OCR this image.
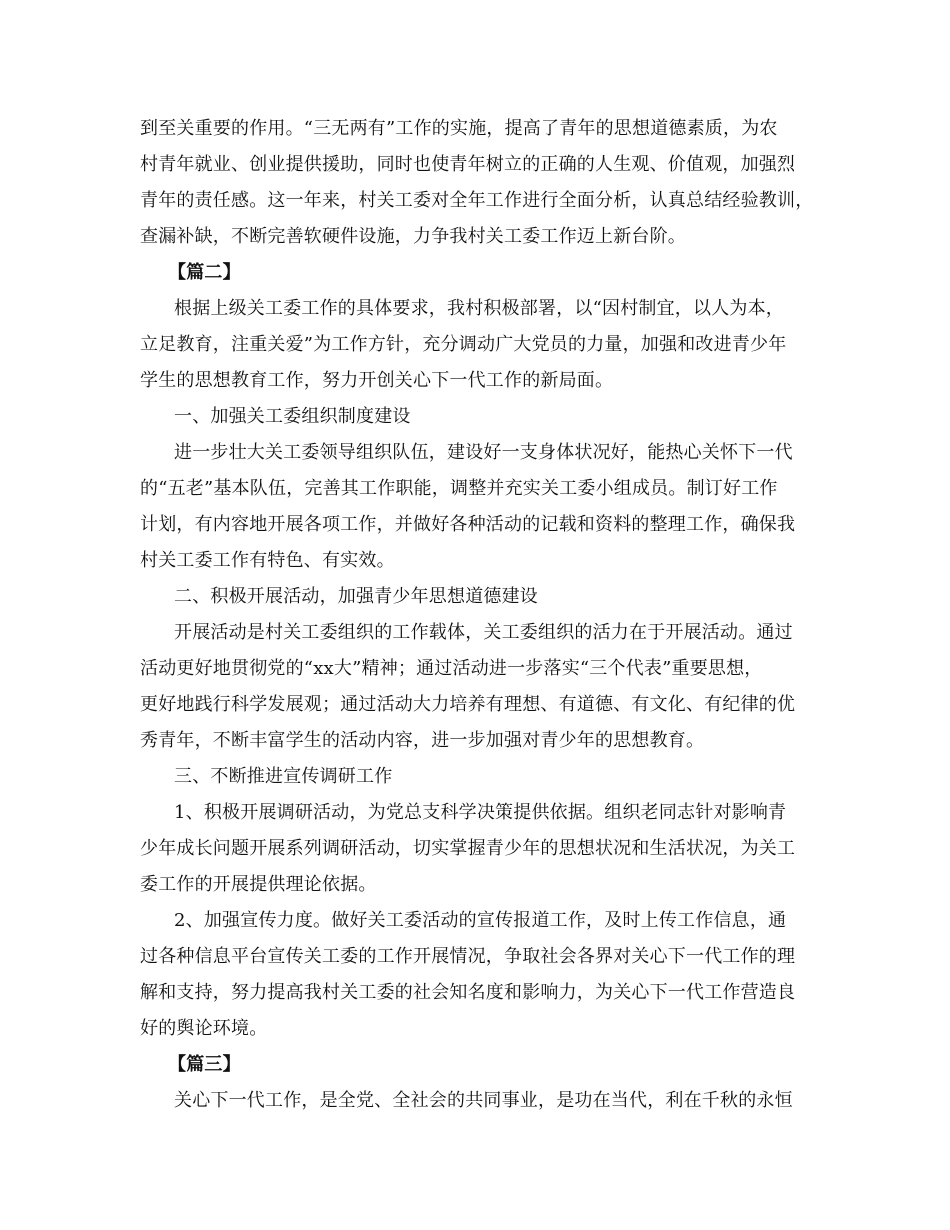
到至关重要的作用。“三无两有”工作的实施，提高了青年的思想道德素质，为农
村青年就业、创业提供援助，同时也使青年树立的正确的人生观、价值观，加强烈
青年的责任感。这一年来，村关工委对全年工作进行全面分析，认真总结经验教训，
查漏补缺，不断完善软硬件设施，力争我村关工委工作迈上新台阶。
【篇二】
根据上级关工委工作的具体要求，我村积极部署，以“因村制宜，以人为本，
立足教育，注重关爱”为工作方针，充分调动广大党员的力量，加强和改进青少年
学生的思想教育工作，努力开创关心下一代工作的新局面。
一、加强关工委组织制度建设
进一步壮大关工委领导组织队伍，建设好一支身体状况好，能热心关怀下一代
的“五老”基本队伍，完善其工作职能，调整并充实关工委小组成员。制订好工作
计划，有内容地开展各项工作，并做好各种活动的记载和资料的整理工作，确保我
村关工委工作有特色、有实效。
二、积极开展活动，加强青少年思想道德建设
开展活动是村关工委组织的工作载体，关工委组织的活力在于开展活动。通过
活动更好地贯彻党的“xx大”精神；通过活动进一步落实“三个代表”重要思想，
更好地践行科学发展观；通过活动大力培养有理想、有道德、有文化、有纪律的优
秀青年，不断丰富学生的活动内容，进一步加强对青少年的思想教育。
三、不断推进宣传调研工作
1、积极开展调研活动，为党总支科学决策提供依据。组织老同志针对影响青
少年成长问题开展系列调研活动，切实掌握青少年的思想状况和生活状况，为关工
委工作的开展提供理论依据。
2、加强宣传力度。做好关工委活动的宣传报道工作，及时上传工作信息，通
过各种信息平台宣传关工委的工作开展情况，争取社会各界对关心下一代工作的理
解和支持，努力提高我村关工委的社会知名度和影响力，为关心下一代工作营造良
好的舆论环境。
【篇三】
关心下一代工作，是全党、全社会的共同事业，是功在当代，利在千秋的永恒
